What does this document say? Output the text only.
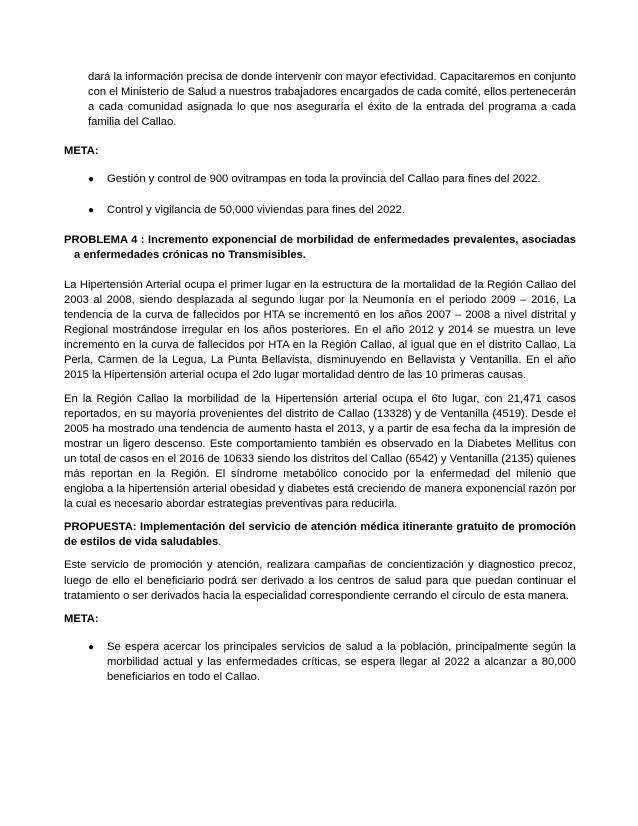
dará la información precisa de donde intervenir con mayor efectividad. Capacitaremos en conjunto con el Ministerio de Salud a nuestros trabajadores encargados de cada comité, ellos pertenecerán a cada comunidad asignada lo que nos aseguraría el éxito de la entrada del programa a cada familia del Callao.

META:

● Gestión y control de 900 ovitrampas en toda la provincia del Callao para fines del 2022.
● Control y vigilancia de 50,000 viviendas para fines del 2022.

PROBLEMA 4 : Incremento exponencial de morbilidad de enfermedades prevalentes, asociadas a enfermedades crónicas no Transmisibles.

La Hipertensión Arterial ocupa el primer lugar en la estructura de la mortalidad de la Región Callao del 2003 al 2008, siendo desplazada al segundo lugar por la Neumonía en el periodo 2009 – 2016, La tendencia de la curva de fallecidos por HTA se incrementó en los años 2007 – 2008 a nivel distrital y Regional mostrándose irregular en los años posteriores. En el año 2012 y 2014 se muestra un leve incremento en la curva de fallecidos por HTA en la Región Callao, al igual que en el distrito Callao, La Perla, Carmen de la Legua, La Punta Bellavista, disminuyendo en Bellavista y Ventanilla. En el año 2015 la Hipertensión arterial ocupa el 2do lugar mortalidad dentro de las 10 primeras causas.

En la Región Callao la morbilidad de la Hipertensión arterial ocupa el 6to lugar, con 21,471 casos reportados, en su mayoría provenientes del distrito de Callao (13328) y de Ventanilla (4519). Desde el 2005 ha mostrado una tendencia de aumento hasta el 2013, y a partir de esa fecha da la impresión de mostrar un ligero descenso. Este comportamiento también es observado en la Diabetes Mellitus con un total de casos en el 2016 de 10633 siendo los distritos del Callao (6542) y Ventanilla (2135) quienes más reportan en la Región. El síndrome metabólico conocido por la enfermedad del milenio que engloba a la hipertensión arterial obesidad y diabetes está creciendo de manera exponencial razón por la cual es necesario abordar estrategias preventivas para reducirla.

PROPUESTA: Implementación del servicio de atención médica itinerante gratuito de promoción de estilos de vida saludables.

Este servicio de promoción y atención, realizara campañas de concientización y diagnostico precoz, luego de ello el beneficiario podrá ser derivado a los centros de salud para que puedan continuar el tratamiento o ser derivados hacia la especialidad correspondiente cerrando el círculo de esta manera.

META:

● Se espera acercar los principales servicios de salud a la población, principalmente según la morbilidad actual y las enfermedades críticas, se espera llegar al 2022 a alcanzar a 80,000 beneficiarios en todo el Callao.
